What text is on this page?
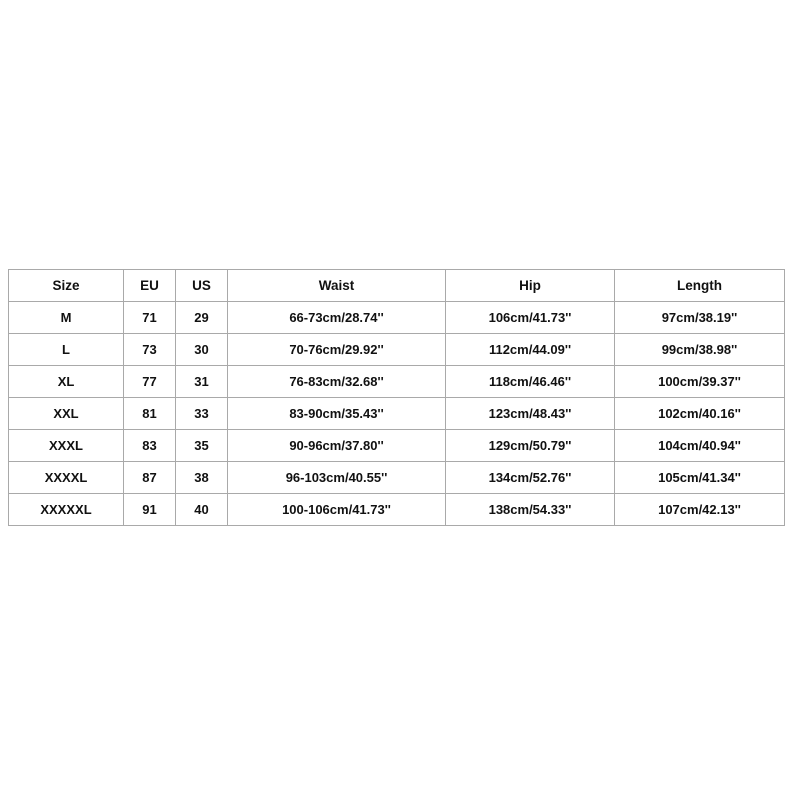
Size	EU	US	Waist	Hip	Length
M	71	29	66-73cm/28.74''	106cm/41.73''	97cm/38.19''
L	73	30	70-76cm/29.92''	112cm/44.09''	99cm/38.98''
XL	77	31	76-83cm/32.68''	118cm/46.46''	100cm/39.37''
XXL	81	33	83-90cm/35.43''	123cm/48.43''	102cm/40.16''
XXXL	83	35	90-96cm/37.80''	129cm/50.79''	104cm/40.94''
XXXXL	87	38	96-103cm/40.55''	134cm/52.76''	105cm/41.34''
XXXXXL	91	40	100-106cm/41.73''	138cm/54.33''	107cm/42.13''
